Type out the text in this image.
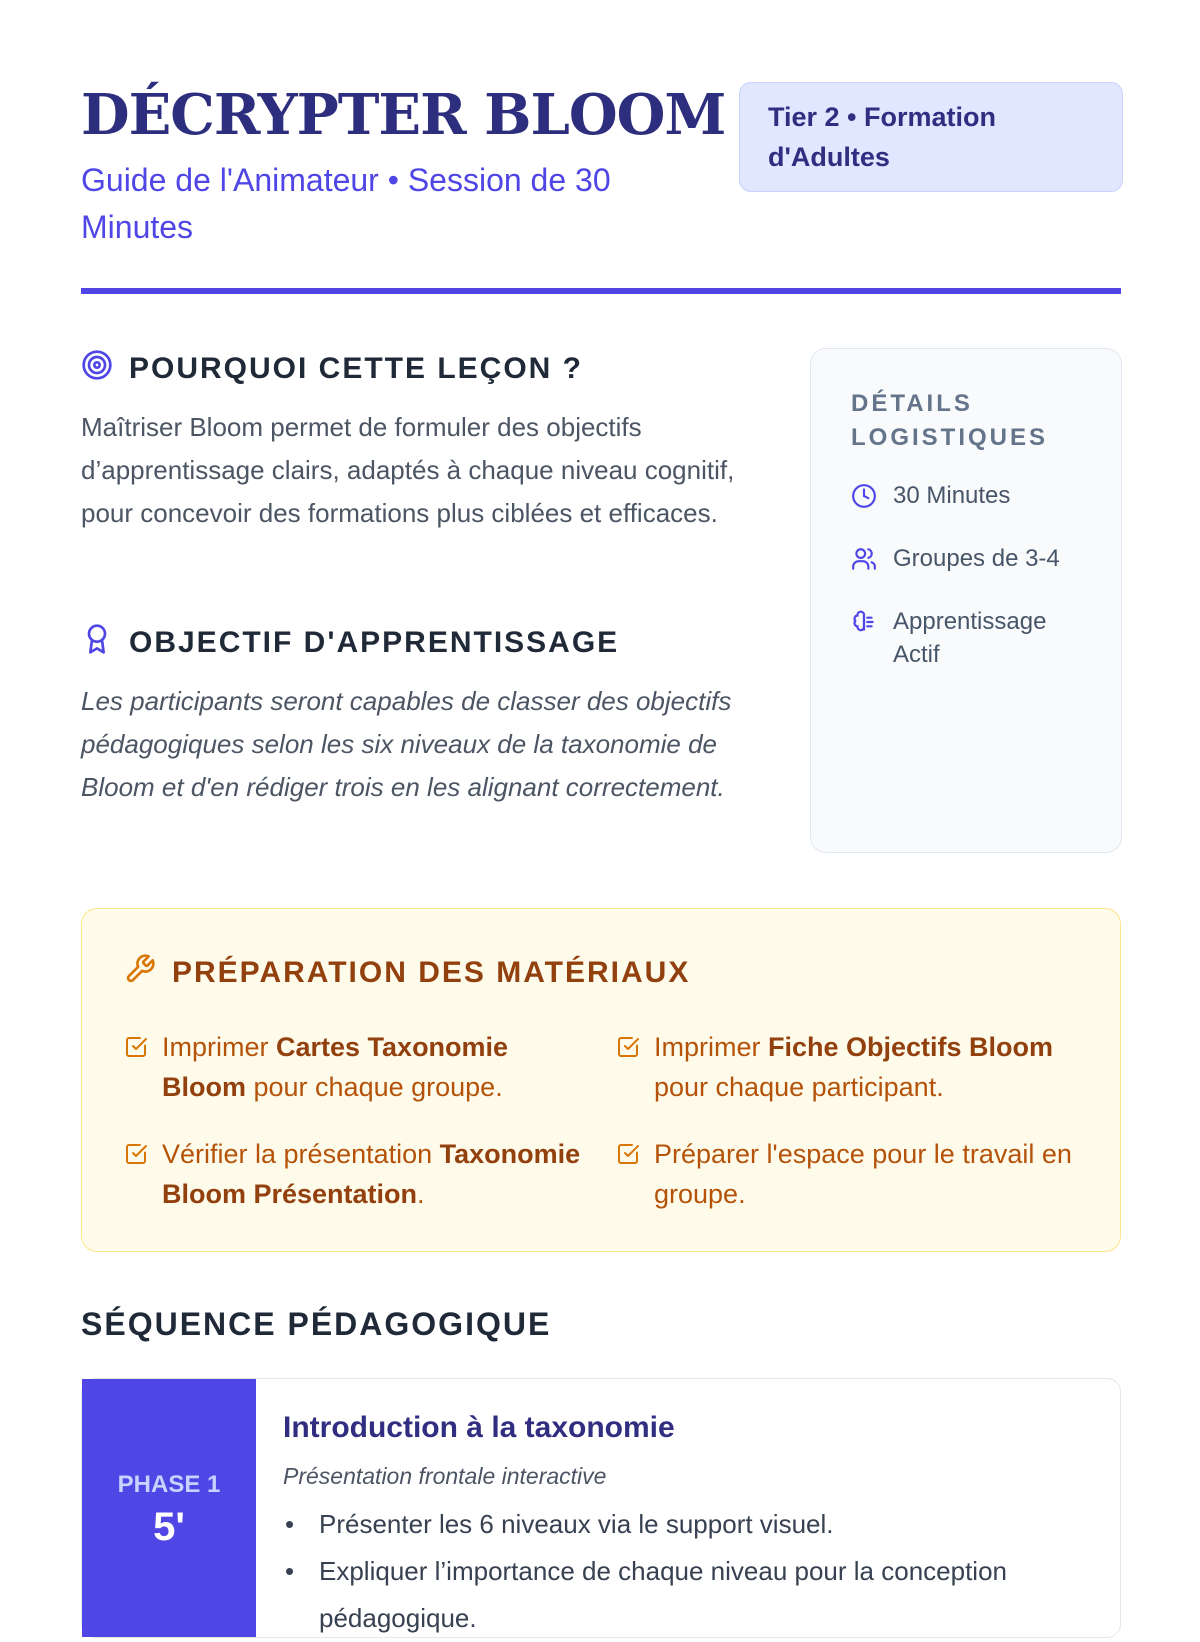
DÉCRYPTER BLOOM
Guide de l'Animateur • Session de 30 Minutes
Tier 2 • Formation d'Adultes
POURQUOI CETTE LEÇON ?

Maîtriser Bloom permet de formuler des objectifs d’apprentissage clairs, adaptés à chaque niveau cognitif, pour concevoir des formations plus ciblées et efficaces.

OBJECTIF D'APPRENTISSAGE

Les participants seront capables de classer des objectifs pédagogiques selon les six niveaux de la taxonomie de Bloom et d'en rédiger trois en les alignant correctement.

DÉTAILS LOGISTIQUES
30 Minutes
Groupes de 3-4
Apprentissage Actif
PRÉPARATION DES MATÉRIAUX
Imprimer Cartes Taxonomie Bloom pour chaque groupe.
Imprimer Fiche Objectifs Bloom pour chaque participant.
Vérifier la présentation Taxonomie Bloom Présentation.
Préparer l'espace pour le travail en groupe.
SÉQUENCE PÉDAGOGIQUE
PHASE 1
5'
Introduction à la taxonomie
Présentation frontale interactive
• Présenter les 6 niveaux via le support visuel.
• Expliquer l’importance de chaque niveau pour la conception pédagogique.
